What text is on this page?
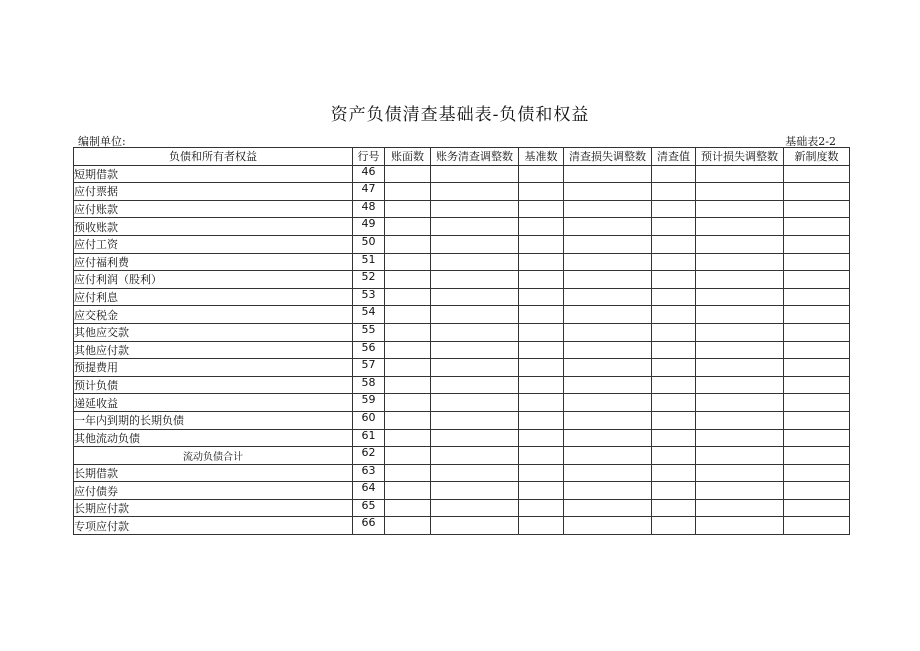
资产负债清查基础表-负债和权益
编制单位:	基础表2-2
负债和所有者权益	行号	账面数	账务清查调整数	基准数	清查损失调整数	清查值	预计损失调整数	新制度数
短期借款	46							
应付票据	47							
应付账款	48							
预收账款	49							
应付工资	50							
应付福利费	51							
应付利润（股利）	52							
应付利息	53							
应交税金	54							
其他应交款	55							
其他应付款	56							
预提费用	57							
预计负债	58							
递延收益	59							
一年内到期的长期负债	60							
其他流动负债	61							
流动负债合计	62							
长期借款	63							
应付债券	64							
长期应付款	65							
专项应付款	66							
